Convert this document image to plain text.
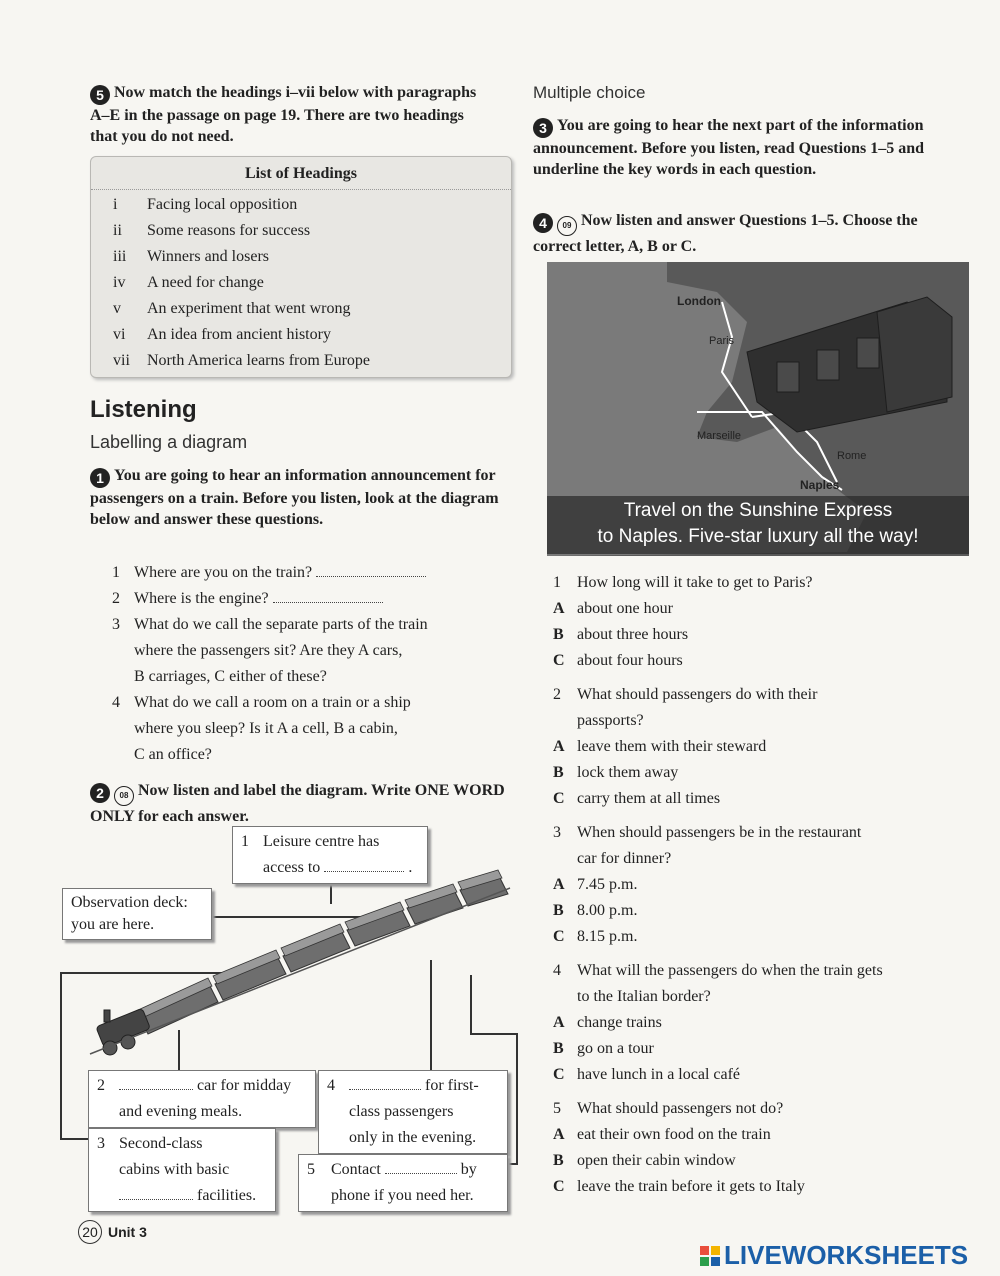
5 Now match the headings i–vii below with paragraphs A–E in the passage on page 19. There are two headings that you do not need.
List of Headings
i Facing local opposition
ii Some reasons for success
iii Winners and losers
iv A need for change
v An experiment that went wrong
vi An idea from ancient history
vii North America learns from Europe
Listening
Labelling a diagram
1 You are going to hear an information announcement for passengers on a train. Before you listen, look at the diagram below and answer these questions.
1 Where are you on the train?
2 Where is the engine?
3 What do we call the separate parts of the train
where the passengers sit? Are they A cars,
B carriages, C either of these?
4 What do we call a room on a train or a ship
where you sleep? Is it A a cell, B a cabin,
C an office?
2 08 Now listen and label the diagram. Write ONE WORD ONLY for each answer.
1 Leisure centre has
access to	.
Observation deck:
you are here.
2	car for midday
and evening meals.
3 Second-class
cabins with basic
facilities.
4	for first-
class passengers
only in the evening.
5 Contact	by
phone if you need her.
20 Unit 3
Multiple choice
3 You are going to hear the next part of the information announcement. Before you listen, read Questions 1–5 and underline the key words in each question.
4 09 Now listen and answer Questions 1–5. Choose the correct letter, A, B or C.
London
Paris
Marseille
Rome
Naples
Travel on the Sunshine Express
to Naples. Five-star luxury all the way!
1 How long will it take to get to Paris?
A about one hour
B about three hours
C about four hours
2 What should passengers do with their
passports?
A leave them with their steward
B lock them away
C carry them at all times
3 When should passengers be in the restaurant
car for dinner?
A 7.45 p.m.
B 8.00 p.m.
C 8.15 p.m.
4 What will the passengers do when the train gets
to the Italian border?
A change trains
B go on a tour
C have lunch in a local café
5 What should passengers not do?
A eat their own food on the train
B open their cabin window
C leave the train before it gets to Italy
LIVEWORKSHEETS
